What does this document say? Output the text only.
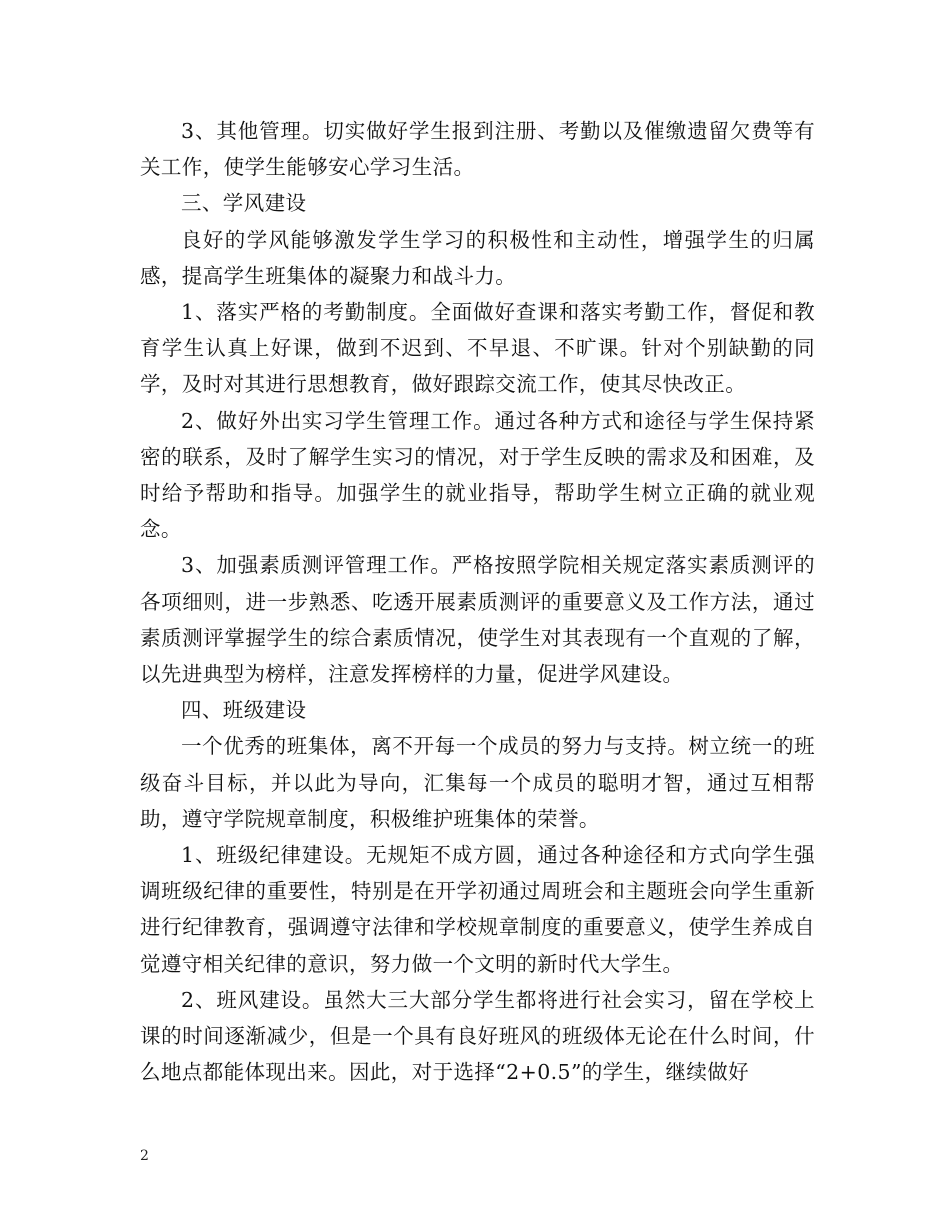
3、其他管理。切实做好学生报到注册、考勤以及催缴遗留欠费等有关工作，使学生能够安心学习生活。

三、学风建设

良好的学风能够激发学生学习的积极性和主动性，增强学生的归属感，提高学生班集体的凝聚力和战斗力。

1、落实严格的考勤制度。全面做好查课和落实考勤工作，督促和教育学生认真上好课，做到不迟到、不早退、不旷课。针对个别缺勤的同学，及时对其进行思想教育，做好跟踪交流工作，使其尽快改正。

2、做好外出实习学生管理工作。通过各种方式和途径与学生保持紧密的联系，及时了解学生实习的情况，对于学生反映的需求及和困难，及时给予帮助和指导。加强学生的就业指导，帮助学生树立正确的就业观念。

3、加强素质测评管理工作。严格按照学院相关规定落实素质测评的各项细则，进一步熟悉、吃透开展素质测评的重要意义及工作方法，通过素质测评掌握学生的综合素质情况，使学生对其表现有一个直观的了解，以先进典型为榜样，注意发挥榜样的力量，促进学风建设。

四、班级建设

一个优秀的班集体，离不开每一个成员的努力与支持。树立统一的班级奋斗目标，并以此为导向，汇集每一个成员的聪明才智，通过互相帮助，遵守学院规章制度，积极维护班集体的荣誉。

1、班级纪律建设。无规矩不成方圆，通过各种途径和方式向学生强调班级纪律的重要性，特别是在开学初通过周班会和主题班会向学生重新进行纪律教育，强调遵守法律和学校规章制度的重要意义，使学生养成自觉遵守相关纪律的意识，努力做一个文明的新时代大学生。

2、班风建设。虽然大三大部分学生都将进行社会实习，留在学校上课的时间逐渐减少，但是一个具有良好班风的班级体无论在什么时间，什么地点都能体现出来。因此，对于选择“2+0.5”的学生，继续做好

2
